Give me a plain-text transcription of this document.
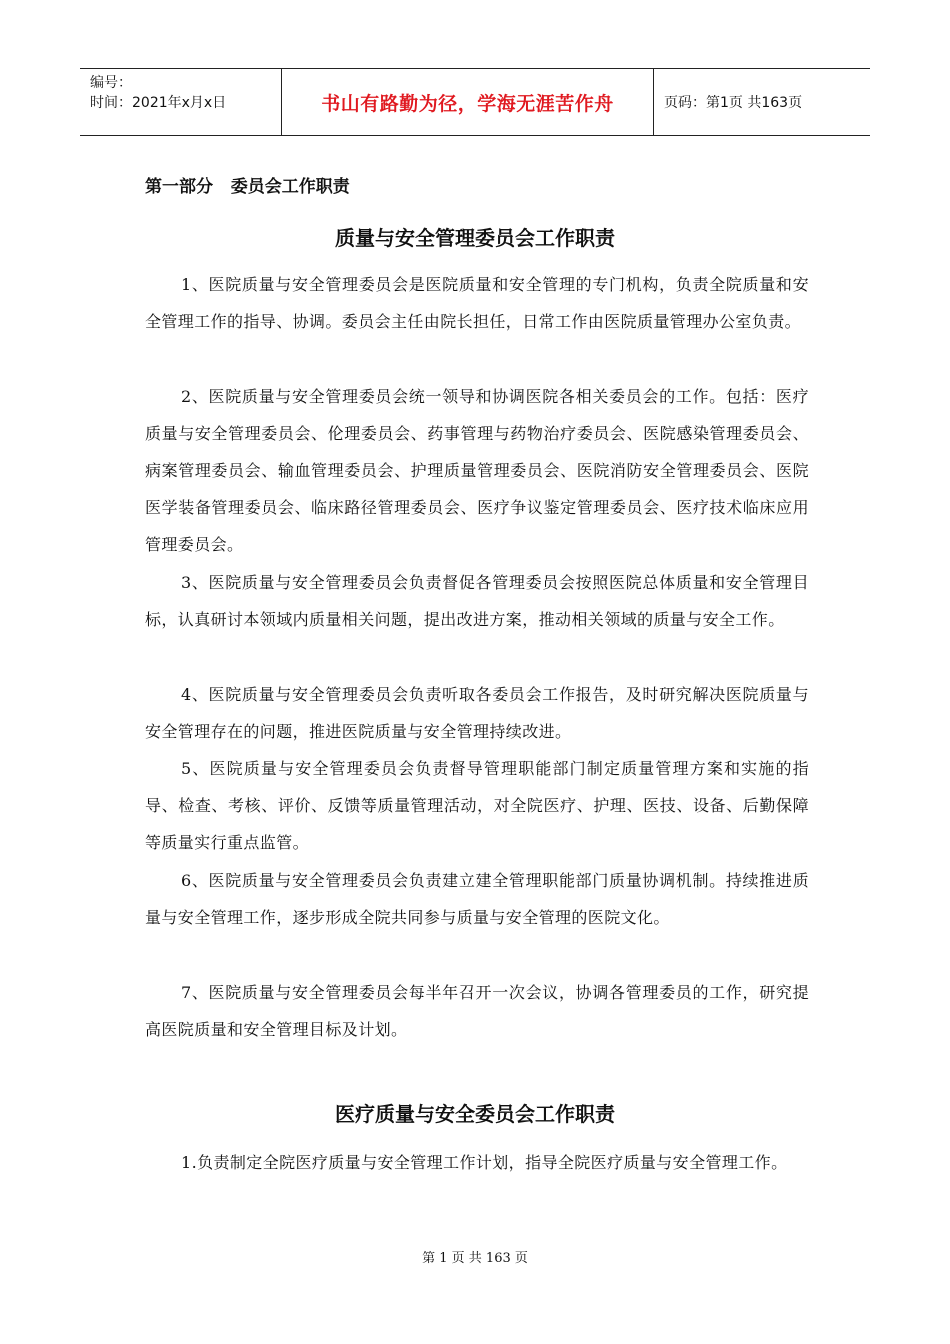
编号：
时间：2021年x月x日	书山有路勤为径，学海无涯苦作舟	页码：第1页 共163页
第一部分   委员会工作职责
质量与安全管理委员会工作职责

1、医院质量与安全管理委员会是医院质量和安全管理的专门机构，负责全院质量和安全管理工作的指导、协调。委员会主任由院长担任，日常工作由医院质量管理办公室负责。

2、医院质量与安全管理委员会统一领导和协调医院各相关委员会的工作。包括：医疗质量与安全管理委员会、伦理委员会、药事管理与药物治疗委员会、医院感染管理委员会、病案管理委员会、输血管理委员会、护理质量管理委员会、医院消防安全管理委员会、医院医学装备管理委员会、临床路径管理委员会、医疗争议鉴定管理委员会、医疗技术临床应用管理委员会。

3、医院质量与安全管理委员会负责督促各管理委员会按照医院总体质量和安全管理目标，认真研讨本领域内质量相关问题，提出改进方案，推动相关领域的质量与安全工作。

4、医院质量与安全管理委员会负责听取各委员会工作报告，及时研究解决医院质量与安全管理存在的问题，推进医院质量与安全管理持续改进。

5、医院质量与安全管理委员会负责督导管理职能部门制定质量管理方案和实施的指导、检查、考核、评价、反馈等质量管理活动，对全院医疗、护理、医技、设备、后勤保障等质量实行重点监管。

6、医院质量与安全管理委员会负责建立建全管理职能部门质量协调机制。持续推进质量与安全管理工作，逐步形成全院共同参与质量与安全管理的医院文化。

7、医院质量与安全管理委员会每半年召开一次会议，协调各管理委员的工作，研究提高医院质量和安全管理目标及计划。

医疗质量与安全委员会工作职责

1.负责制定全院医疗质量与安全管理工作计划，指导全院医疗质量与安全管理工作。

第 1 页 共 163 页
